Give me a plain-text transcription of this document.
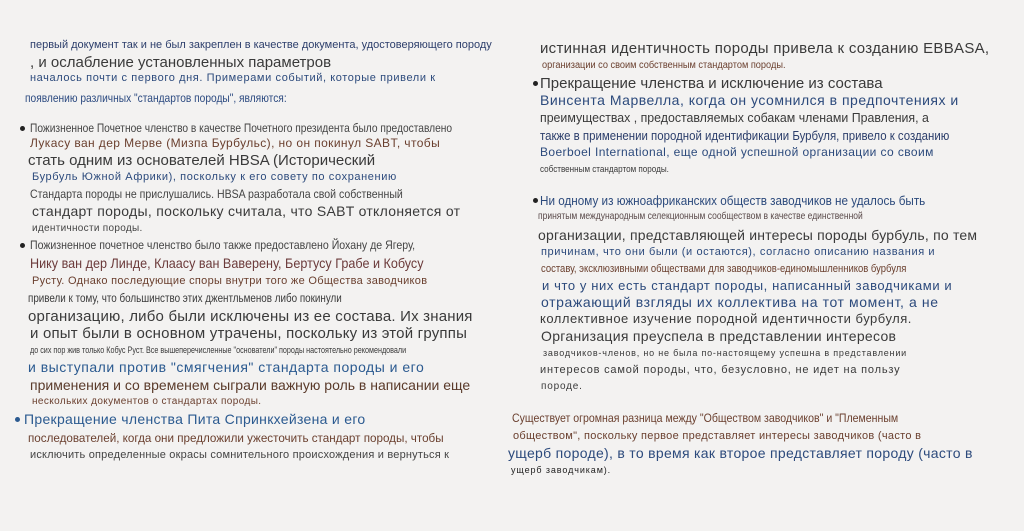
первый документ так и не был закреплен в качестве документа, удостоверяющего породу
, и ослабление установленных параметров
началось почти с первого дня. Примерами событий, которые привели к
появлению различных "стандартов породы", являются:
Пожизненное Почетное членство в качестве Почетного президента было предоставлено
Лукасу ван дер Мерве (Мизпа Бурбульс), но он покинул SABT, чтобы
стать одним из основателей HBSA (Исторический
Бурбуль Южной Африки), поскольку к его совету по сохранению
Стандарта породы не прислушались. HBSA разработала свой собственный
стандарт породы, поскольку считала, что SABT отклоняется от
идентичности породы.
Пожизненное почетное членство было также предоставлено Йохану де Ягеру,
Нику ван дер Линде, Клаасу ван Вавeрену, Бертусу Грабе и Кобусу
Русту. Однако последующие споры внутри того же Общества заводчиков
привели к тому, что большинство этих джентльменов либо покинули
организацию, либо были исключены из ее состава. Их знания
и опыт были в основном утрачены, поскольку из этой группы
до сих пор жив только Кобус Руст. Все вышеперечисленные "основатели" породы настоятельно рекомендовали
и выступали против "смягчения" стандарта породы и его
применения и со временем сыграли важную роль в написании еще
нескольких документов о стандартах породы.
Прекращение членства Пита Спринкхейзена и его
последователей, когда они предложили ужесточить стандарт породы, чтобы
исключить определенные окрасы сомнительного происхождения и вернуться к
истинная идентичность породы привела к созданию EBBASA,
организации со своим собственным стандартом породы.
Прекращение членства и исключение из состава
Винсента Марвелла, когда он усомнился в предпочтениях и
преимуществах , предоставляемых собакам членами Правления, а
также в применении породной идентификации Бурбуля, привело к созданию
Boerboel International, еще одной успешной организации со своим
собственным стандартом породы.
Ни одному из южноафриканских обществ заводчиков не удалось быть
принятым международным селекционным сообществом в качестве единственной
организации, представляющей интересы породы бурбуль, по тем
причинам, что они были (и остаются), согласно описанию названия и
составу, эксклюзивными обществами для заводчиков-единомышленников бурбуля
и что у них есть стандарт породы, написанный заводчиками и
отражающий взгляды их коллектива на тот момент, а не
коллективное изучение породной идентичности бурбуля.
Организация преуспела в представлении интересов
заводчиков-членов, но не была по-настоящему успешна в представлении
интересов самой породы, что, безусловно, не идет на пользу
породе.
Существует огромная разница между "Обществом заводчиков" и "Племенным
обществом", поскольку первое представляет интересы заводчиков (часто в
ущерб породе), в то время как второе представляет породу (часто в
ущерб заводчикам).
